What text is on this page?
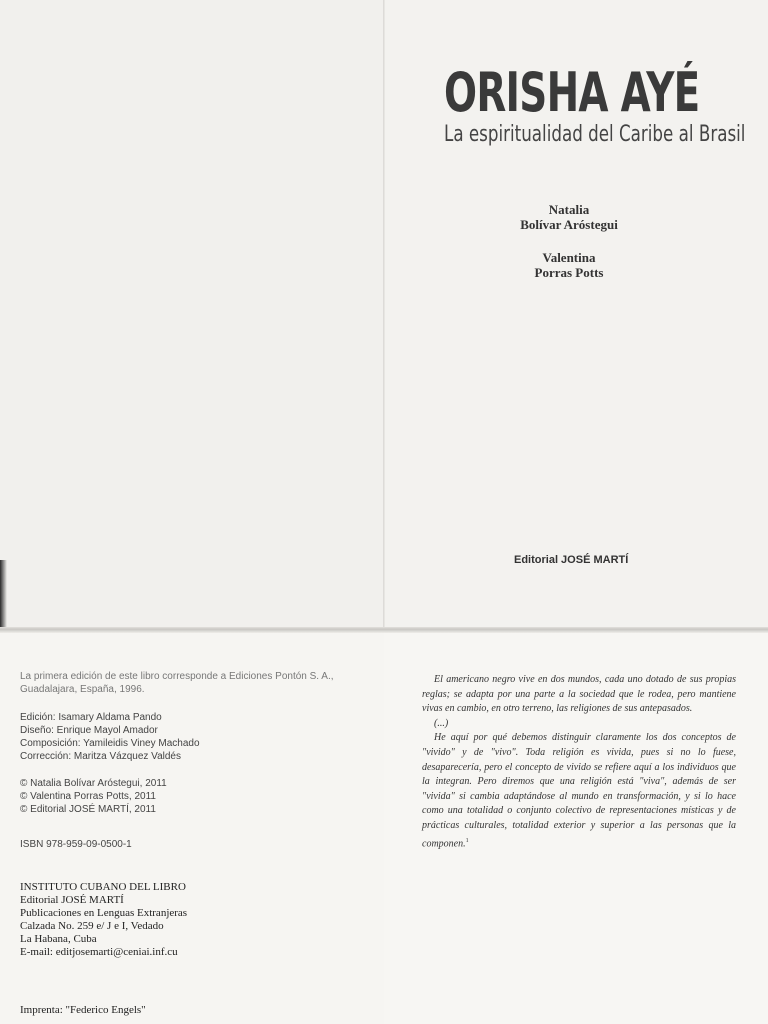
ORISHA AYÉ
La espiritualidad del Caribe al Brasil
Natalia
Bolívar Aróstegui
Valentina
Porras Potts
Editorial JOSÉ MARTÍ

La primera edición de este libro corresponde a Ediciones Pontón S. A., Guadalajara, España, 1996.

Edición: Isamary Aldama Pando
Diseño: Enrique Mayol Amador
Composición: Yamileidis Viney Machado
Corrección: Maritza Vázquez Valdés

© Natalia Bolívar Aróstegui, 2011
© Valentina Porras Potts, 2011
© Editorial JOSÉ MARTÍ, 2011

ISBN 978-959-09-0500-1

INSTITUTO CUBANO DEL LIBRO
Editorial JOSÉ MARTÍ
Publicaciones en Lenguas Extranjeras
Calzada No. 259 e/ J e I, Vedado
La Habana, Cuba
E-mail: editjosemarti@ceniai.inf.cu

Imprenta: "Federico Engels"

El americano negro vive en dos mundos, cada uno dotado de sus propias reglas; se adapta por una parte a la sociedad que le rodea, pero mantiene vivas en cambio, en otro terreno, las religiones de sus antepasados.

(...)

He aquí por qué debemos distinguir claramente los dos conceptos de "vivido" y de "vivo". Toda religión es vivida, pues si no lo fuese, desaparecería, pero el concepto de vivido se refiere aquí a los individuos que la integran. Pero diremos que una religión está "viva", además de ser "vivida" si cambia adaptándose al mundo en transformación, y si lo hace como una totalidad o conjunto colectivo de representaciones místicas y de prácticas culturales, totalidad exterior y superior a las personas que la componen.$^1$
